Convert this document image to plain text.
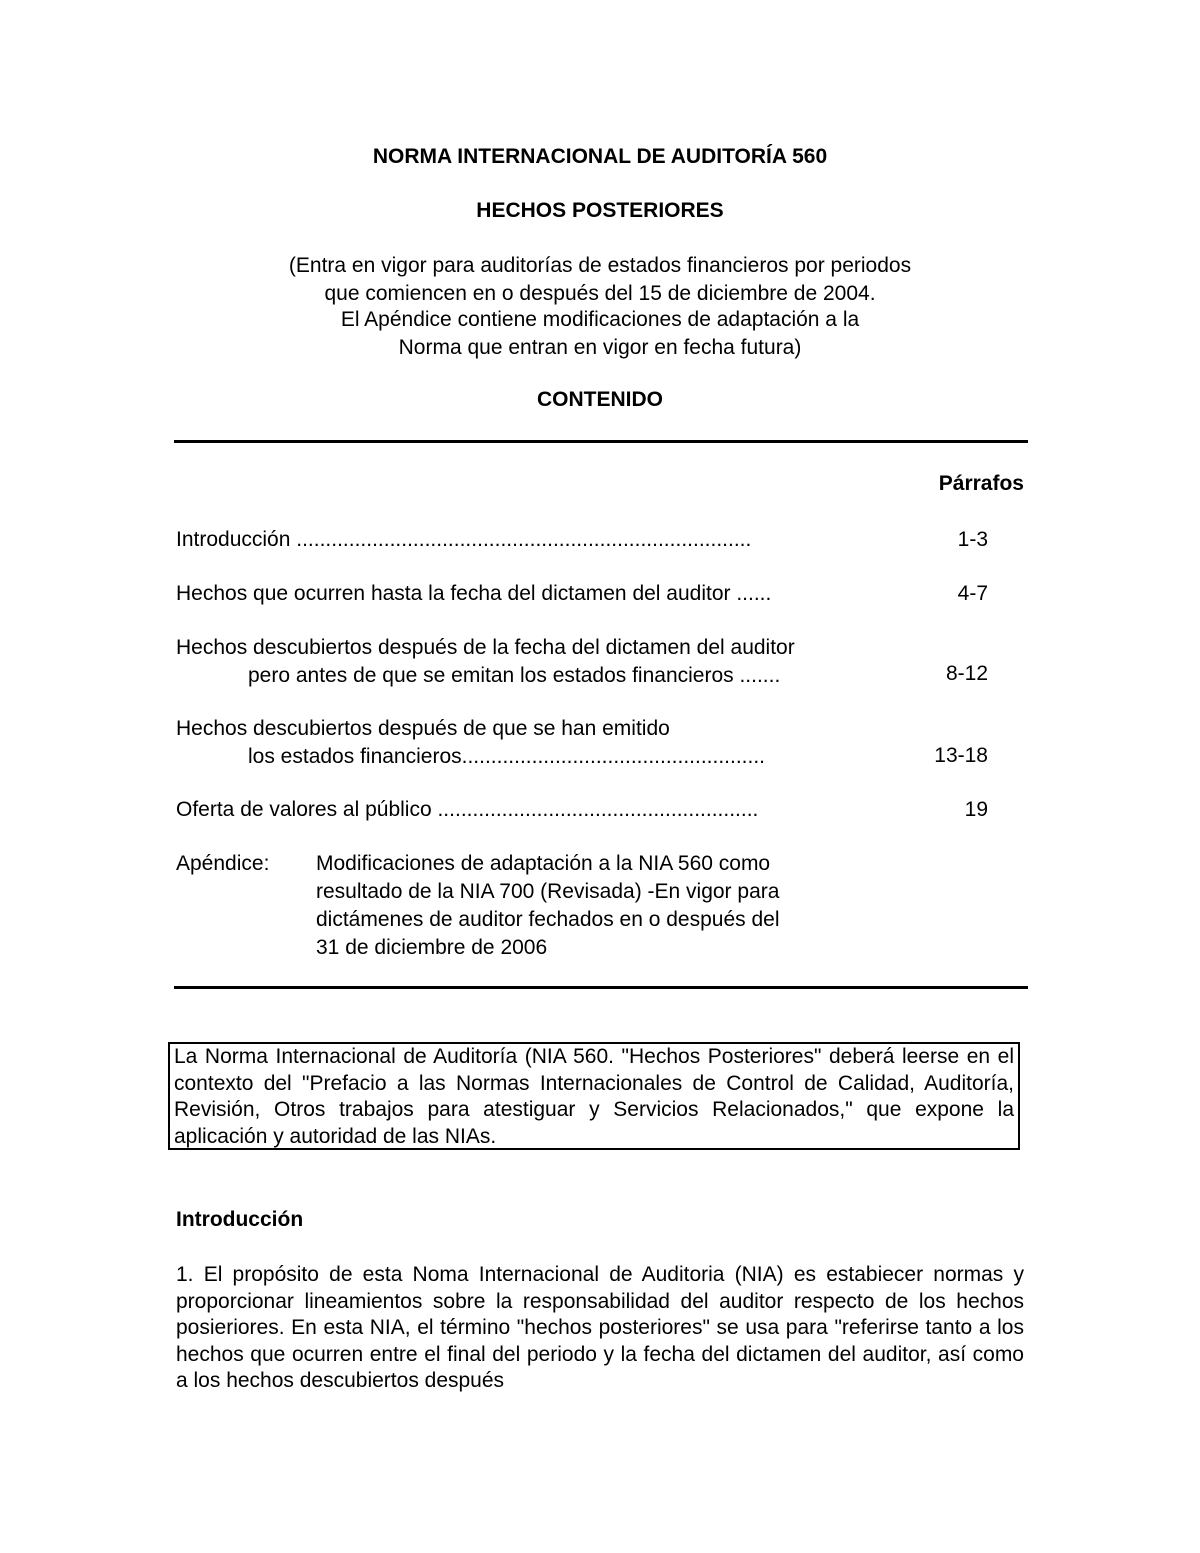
NORMA INTERNACIONAL DE AUDITORÍA 560
HECHOS POSTERIORES
(Entra en vigor para auditorías de estados financieros por periodos
que comiencen en o después del 15 de diciembre de 2004.
El Apéndice contiene modificaciones de adaptación a la
Norma que entran en vigor en fecha futura)
CONTENIDO
Párrafos
Introducción ..............................................................................	1-3
Hechos que ocurren hasta la fecha del dictamen del auditor ......	4-7
Hechos descubiertos después de la fecha del dictamen del auditor
pero antes de que se emitan los estados financieros .......	8-12
Hechos descubiertos después de que se han emitido
los estados financieros....................................................	13-18
Oferta de valores al público .......................................................	19
Apéndice: Modificaciones de adaptación a la NIA 560 como
resultado de la NIA 700 (Revisada) -En vigor para
dictámenes de auditor fechados en o después del
31 de diciembre de 2006
La Norma Internacional de Auditoría (NIA 560. "Hechos Posteriores" deberá leerse en el contexto del "Prefacio a las Normas Internacionales de Control de Calidad, Auditoría, Revisión, Otros trabajos para atestiguar y Servicios Relacionados," que expone la aplicación y autoridad de las NIAs.
Introducción
1. El propósito de esta Noma Internacional de Auditoria (NIA) es estabiecer normas y proporcionar lineamientos sobre la responsabilidad del auditor respecto de los hechos posieriores. En esta NIA, el término "hechos posteriores" se usa para "referirse tanto a los hechos que ocurren entre el final del periodo y la fecha del dictamen del auditor, así como a los hechos descubiertos después
